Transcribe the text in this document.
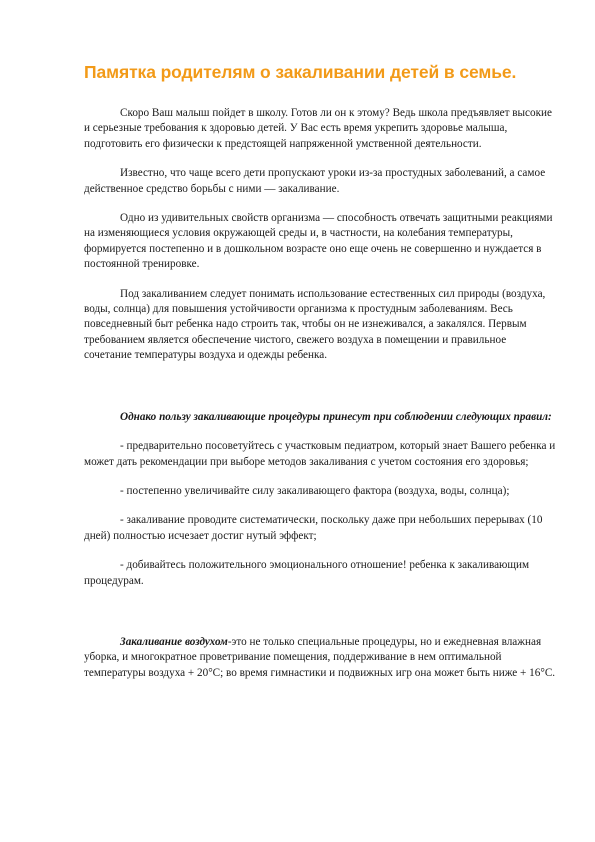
Памятка родителям о закаливании детей в семье.

Скоро Ваш малыш пойдет в школу. Готов ли он к этому? Ведь школа предъявляет высокие и серьезные требования к здоровью детей. У Вас есть время укрепить здоровье малыша, подготовить его физически к предстоящей напряженной умственной деятельности.

Известно, что чаще всего дети пропускают уроки из-за простудных заболеваний, а самое действенное средство борьбы с ними — закаливание.

Одно из удивительных свойств организма — способность отвечать защитными реакциями на изменяющиеся условия окружающей среды и, в частности, на колебания температуры, формируется постепенно и в дошкольном возрасте оно еще очень не совершенно и нуждается в постоянной тренировке.

Под закаливанием следует понимать использование естественных сил природы (воздуха, воды, солнца) для повышения устойчивости организма к простудным заболеваниям. Весь повседневный быт ребенка надо строить так, чтобы он не изнеживался, а закалялся. Первым требованием является обеспечение чистого, свежего воздуха в помещении и правильное сочетание температуры воздуха и одежды ребенка.

Однако пользу закаливающие процедуры принесут при соблюдении следующих правил:

- предварительно посоветуйтесь с участковым педиатром, который знает Вашего ребенка и может дать рекомендации при выборе методов закаливания с учетом состояния его здоровья;

- постепенно увеличивайте силу закаливающего фактора (воздуха, воды, солнца);

- закаливание проводите систематически, поскольку даже при небольших перерывах (10 дней) полностью исчезает достиг нутый эффект;

- добивайтесь положительного эмоционального отношение! ребенка к закаливающим процедурам.

Закаливание воздухом-это не только специальные процедуры, но и ежедневная влажная уборка, и многократное проветривание помещения, поддерживание в нем оптимальной температуры воздуха + 20°С; во время гимнастики и подвижных игр она может быть ниже + 16°С.
